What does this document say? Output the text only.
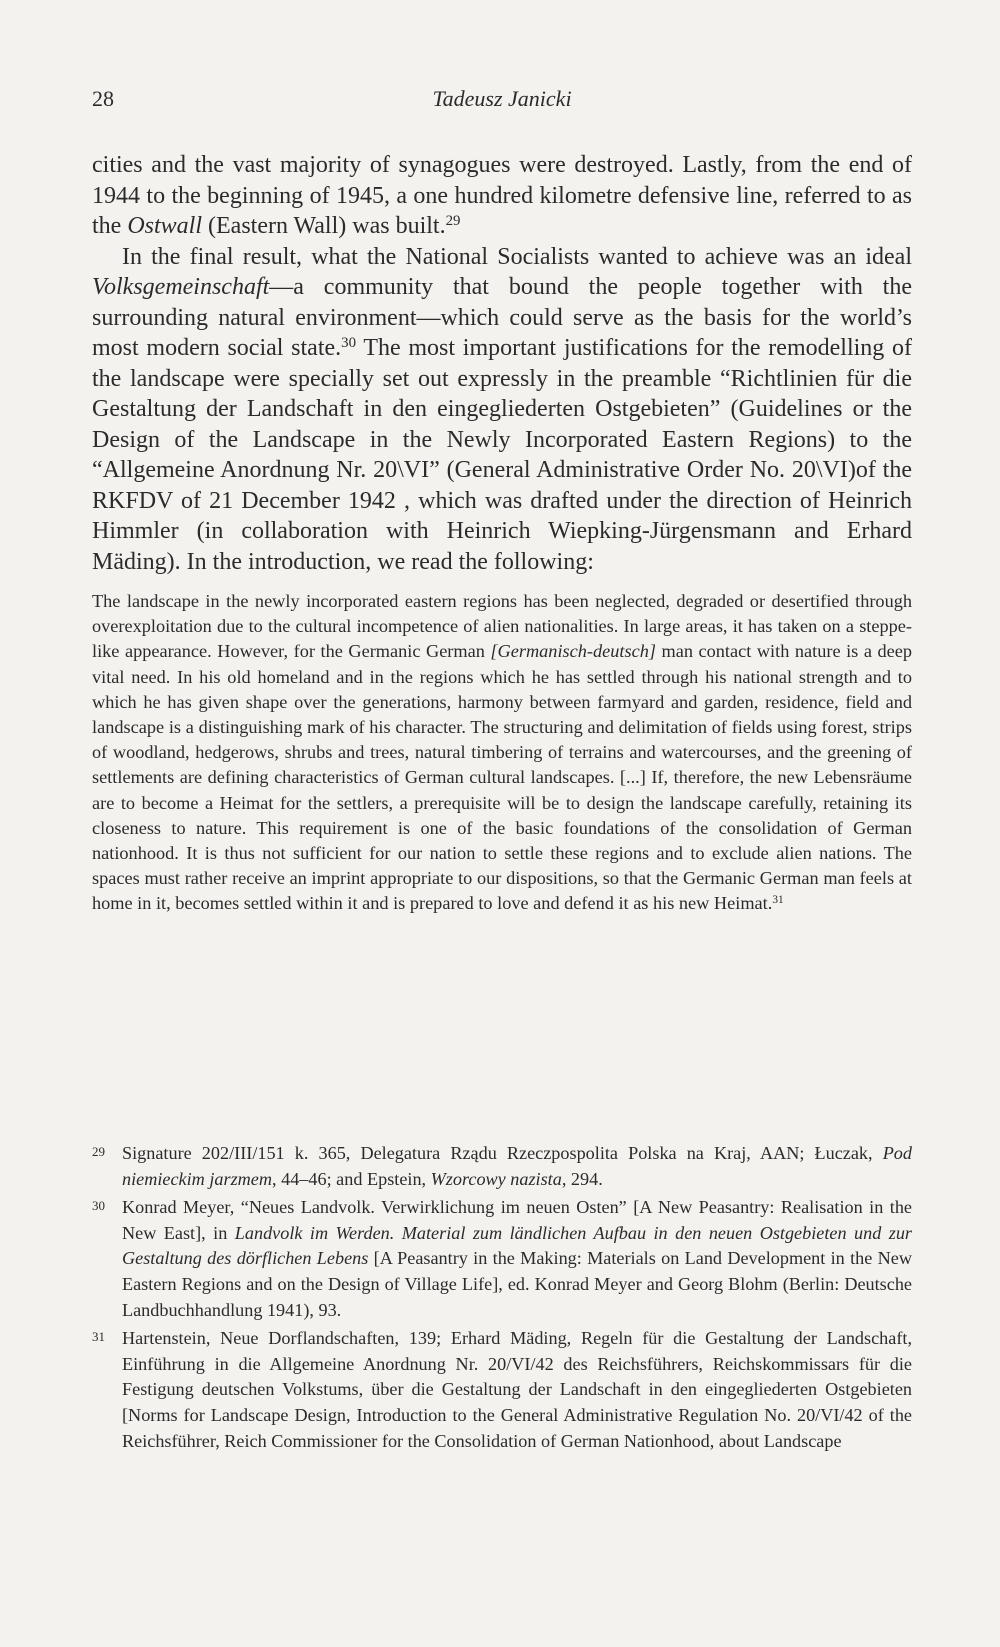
28	Tadeusz Janicki

cities and the vast majority of synagogues were destroyed. Lastly, from the end of 1944 to the beginning of 1945, a one hundred kilometre defensive line, referred to as the Ostwall (Eastern Wall) was built.$^{29}$

In the final result, what the National Socialists wanted to achieve was an ideal Volksgemeinschaft—a community that bound the people together with the surrounding natural environment—which could serve as the basis for the world’s most modern social state.$^{30}$ The most important justifications for the remodelling of the landscape were specially set out expressly in the preamble “Richtlinien für die Gestaltung der Landschaft in den eingegliederten Ostgebieten” (Guidelines or the Design of the Landscape in the Newly Incorporated Eastern Regions) to the “Allgemeine Anordnung Nr. 20\VI” (General Administrative Order No. 20\VI)of the RKFDV of 21 December 1942 , which was drafted under the direction of Heinrich Himmler (in collaboration with Heinrich Wiepking-Jürgensmann and Erhard Mäding). In the introduction, we read the following:

The landscape in the newly incorporated eastern regions has been neglected, degraded or desertified through overexploitation due to the cultural incompetence of alien nationalities. In large areas, it has taken on a steppe-like appearance. However, for the Germanic German [Germanisch-deutsch] man contact with nature is a deep vital need. In his old homeland and in the regions which he has settled through his national strength and to which he has given shape over the generations, harmony between farmyard and garden, residence, field and landscape is a distinguishing mark of his character. The structuring and delimitation of fields using forest, strips of woodland, hedgerows, shrubs and trees, natural timbering of terrains and watercourses, and the greening of settlements are defining characteristics of German cultural landscapes. [...] If, therefore, the new Lebensräume are to become a Heimat for the settlers, a prerequisite will be to design the landscape carefully, retaining its closeness to nature. This requirement is one of the basic foundations of the consolidation of German nationhood. It is thus not sufficient for our nation to settle these regions and to exclude alien nations. The spaces must rather receive an imprint appropriate to our dispositions, so that the Germanic German man feels at home in it, becomes settled within it and is prepared to love and defend it as his new Heimat.$^{31}$

29 Signature 202/III/151 k. 365, Delegatura Rządu Rzeczpospolita Polska na Kraj, AAN; Łuczak, Pod niemieckim jarzmem, 44–46; and Epstein, Wzorcowy nazista, 294.

30 Konrad Meyer, “Neues Landvolk. Verwirklichung im neuen Osten” [A New Peasantry: Realisation in the New East], in Landvolk im Werden. Material zum ländlichen Aufbau in den neuen Ostgebieten und zur Gestaltung des dörflichen Lebens [A Peasantry in the Making: Materials on Land Development in the New Eastern Regions and on the Design of Village Life], ed. Konrad Meyer and Georg Blohm (Berlin: Deutsche Landbuchhandlung 1941), 93.

31 Hartenstein, Neue Dorflandschaften, 139; Erhard Mäding, Regeln für die Gestaltung der Landschaft, Einführung in die Allgemeine Anordnung Nr. 20/VI/42 des Reichsführers, Reichskommissars für die Festigung deutschen Volkstums, über die Gestaltung der Landschaft in den eingegliederten Ostgebieten [Norms for Landscape Design, Introduction to the General Administrative Regulation No. 20/VI/42 of the Reichsführer, Reich Commissioner for the Consolidation of German Nationhood, about Landscape
